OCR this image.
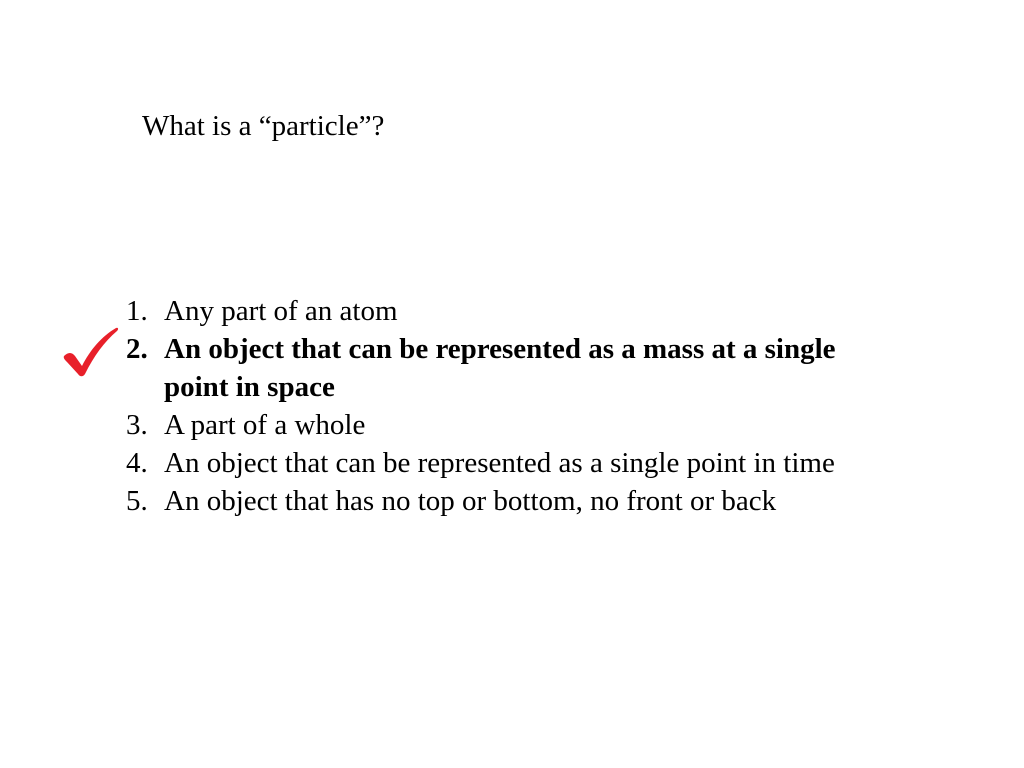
What is a “particle”?
1. Any part of an atom
2. An object that can be represented as a mass at a single point in space
3. A part of a whole
4. An object that can be represented as a single point in time
5. An object that has no top or bottom, no front or back
